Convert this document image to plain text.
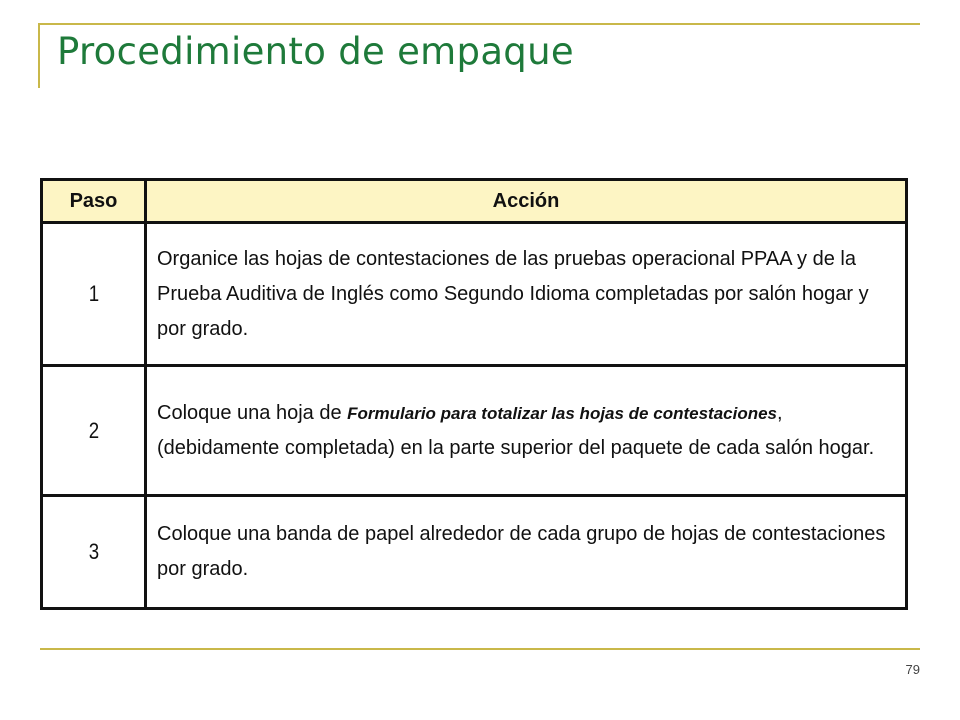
Procedimiento de empaque
Paso	Acción
1	Organice las hojas de contestaciones de las pruebas operacional PPAA y de la Prueba Auditiva de Inglés como Segundo Idioma completadas por salón hogar y por grado.
2	Coloque una hoja de Formulario para totalizar las hojas de contestaciones, (debidamente completada) en la parte superior del paquete de cada salón hogar.
3	Coloque una banda de papel alrededor de cada grupo de hojas de contestaciones por grado.
79
